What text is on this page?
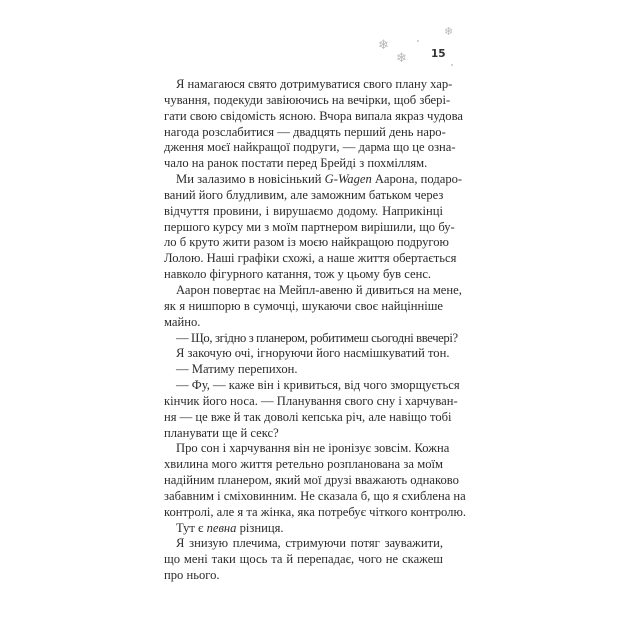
❄
❄
❄
15
Я намагаюся свято дотримуватися свого плану хар-
чування, подекуди завіюючись на вечірки, щоб збері-
гати свою свідомість ясною. Вчора випала якраз чудова
нагода розслабитися — двадцять перший день наро-
дження моєї найкращої подруги, — дарма що це озна-
чало на ранок постати перед Брейді з похміллям.
Ми залазимо в новісінький G-Wagen Аарона, подаро-
ваний його блудливим, але заможним батьком через
відчуття провини, і вирушаємо додому. Наприкінці
першого курсу ми з моїм партнером вирішили, що бу-
ло б круто жити разом із моєю найкращою подругою
Лолою. Наші графіки схожі, а наше життя обертається
навколо фігурного катання, тож у цьому був сенс.
Аарон повертає на Мейпл-авеню й дивиться на мене,
як я нишпорю в сумочці, шукаючи своє найцінніше
майно.
— Що, згідно з планером, робитимеш сьогодні ввечері?
Я закочую очі, ігноруючи його насмішкуватий тон.
— Матиму перепихон.
— Фу, — каже він і кривиться, від чого зморщується
кінчик його носа. — Планування свого сну і харчуван-
ня — це вже й так доволі кепська річ, але навіщо тобі
планувати ще й секс?
Про сон і харчування він не іронізує зовсім. Кожна
хвилина мого життя ретельно розпланована за моїм
надійним планером, який мої друзі вважають однаково
забавним і сміховинним. Не сказала б, що я схиблена на
контролі, але я та жінка, яка потребує чіткого контролю.
Тут є певна різниця.
Я знизую плечима, стримуючи потяг зауважити,
що мені таки щось та й перепадає, чого не скажеш
про нього.
